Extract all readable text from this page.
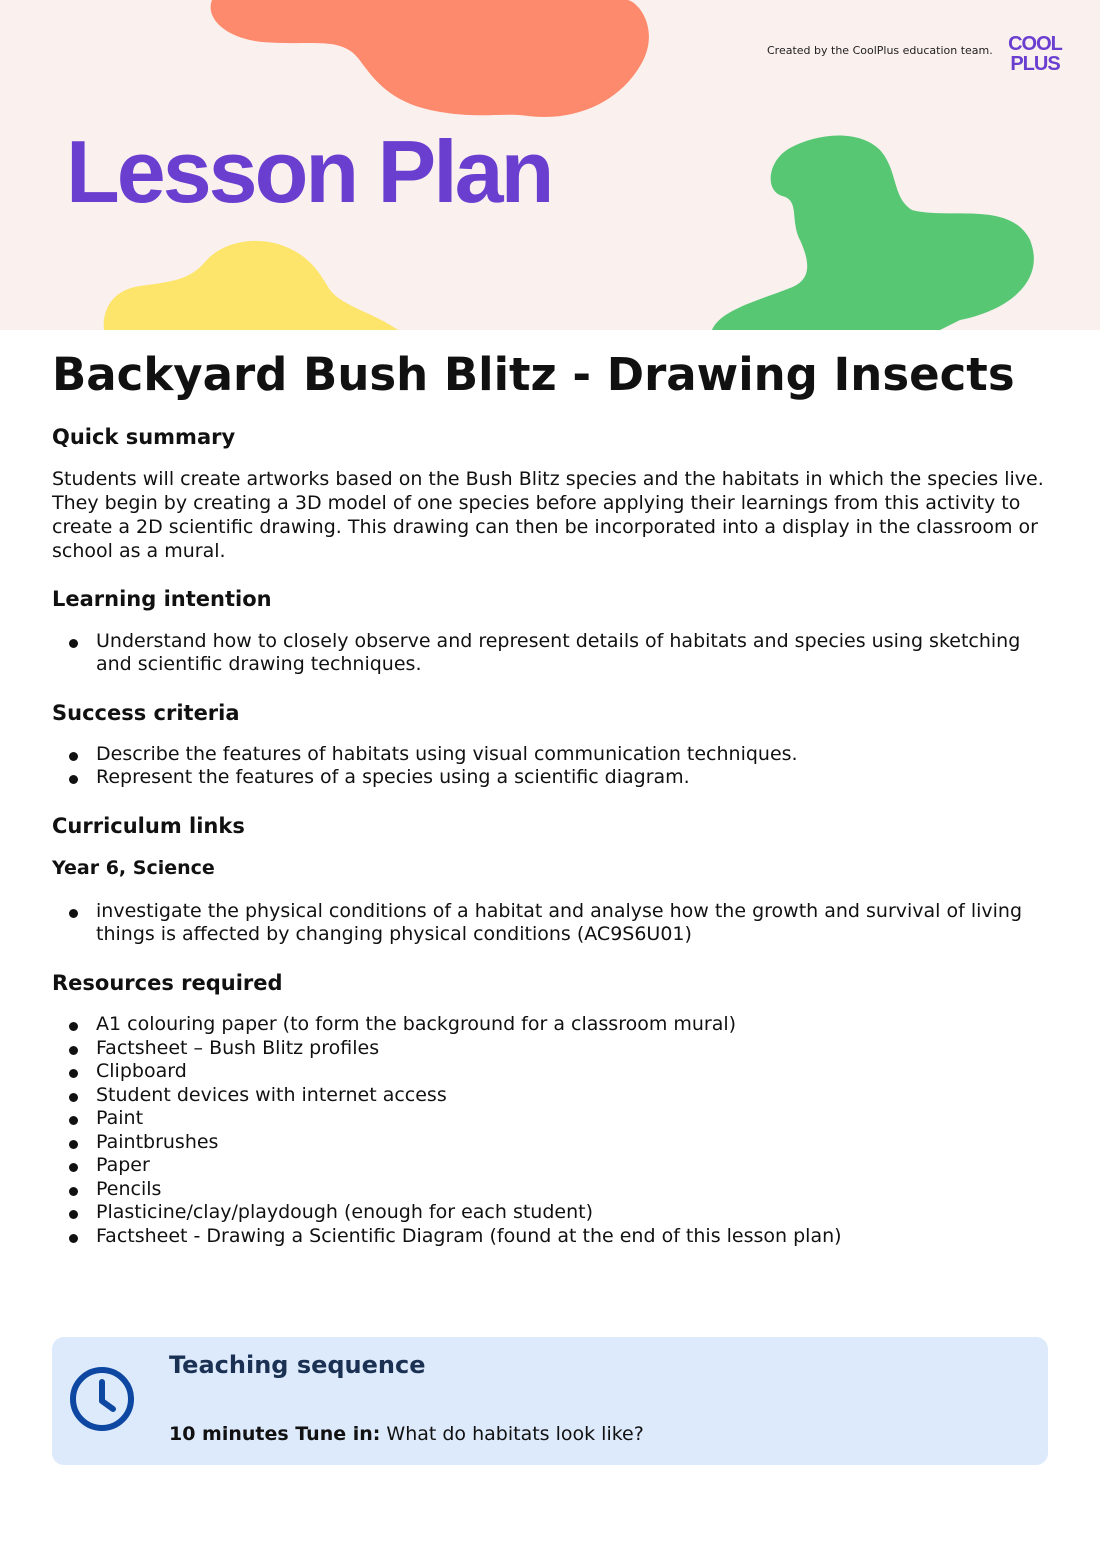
Created by the CoolPlus education team. COOL
PLUS
Lesson Plan
Backyard Bush Blitz - Drawing Insects
Quick summary

Students will create artworks based on the Bush Blitz species and the habitats in which the species live. They begin by creating a 3D model of one species before applying their learnings from this activity to create a 2D scientific drawing. This drawing can then be incorporated into a display in the classroom or school as a mural.

Learning intention
Understand how to closely observe and represent details of habitats and species using sketching and scientific drawing techniques.
Success criteria
Describe the features of habitats using visual communication techniques.
Represent the features of a species using a scientific diagram.
Curriculum links
Year 6, Science
investigate the physical conditions of a habitat and analyse how the growth and survival of living things is affected by changing physical conditions (AC9S6U01)
Resources required
A1 colouring paper (to form the background for a classroom mural)
Factsheet – Bush Blitz profiles
Clipboard
Student devices with internet access
Paint
Paintbrushes
Paper
Pencils
Plasticine/clay/playdough (enough for each student)
Factsheet - Drawing a Scientific Diagram (found at the end of this lesson plan)
Teaching sequence

10 minutes Tune in: What do habitats look like?
